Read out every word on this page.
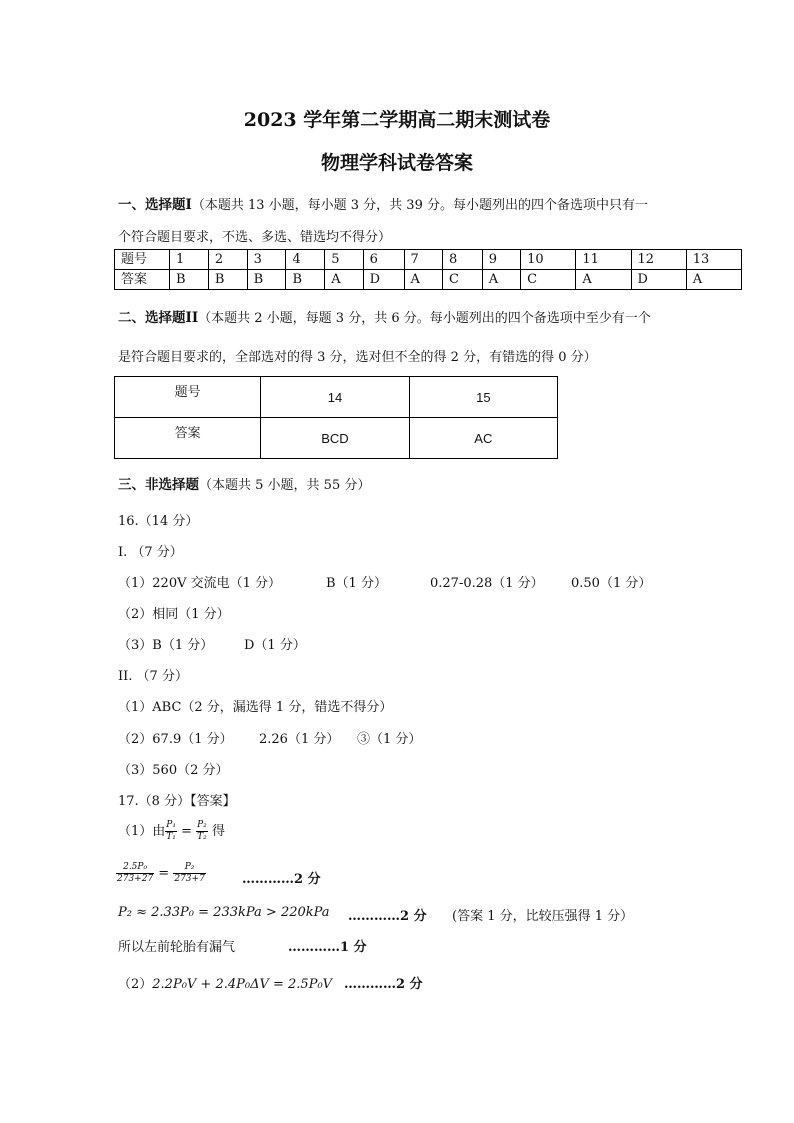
2023 学年第二学期高二期末测试卷
物理学科试卷答案
一、选择题I（本题共 13 小题，每小题 3 分，共 39 分。每小题列出的四个备选项中只有一
个符合题目要求，不选、多选、错选均不得分）
题号	1	2	3	4	5	6	7	8	9	10	11	12	13
答案	B	B	B	B	A	D	A	C	A	C	A	D	A
二、选择题II（本题共 2 小题，每题 3 分，共 6 分。每小题列出的四个备选项中至少有一个
是符合题目要求的，全部选对的得 3 分，选对但不全的得 2 分，有错选的得 0 分）
题号	14	15
答案	BCD	AC
三、非选择题（本题共 5 小题，共 55 分）
16.（14 分）
I. （7 分）
（1）220V 交流电（1 分）	B（1 分）	0.27-0.28（1 分） 0.50（1 分）
（2）相同（1 分）
（3）B（1 分） D（1 分）
II. （7 分）
（1）ABC（2 分，漏选得 1 分，错选不得分）
（2）67.9（1 分） 2.26（1 分） ③（1 分）
（3）560（2 分）
17.（8 分）【答案】
（1）由 $\frac{\text{P₁}}{\text{T₁}} = \frac{\text{P₂}}{\text{T₂}}$ 得
$\frac{\text{2.5P₀}}{273+27} = \frac{\text{P₂}}{273+7}$	…………2 分
P₂ ≈ 2.33P₀ = 233kPa > 220kPa …………2 分 (答案 1 分，比较压强得 1 分）
所以左前轮胎有漏气	…………1 分
（2）2.2P₀V + 2.4P₀ΔV = 2.5P₀V …………2 分
